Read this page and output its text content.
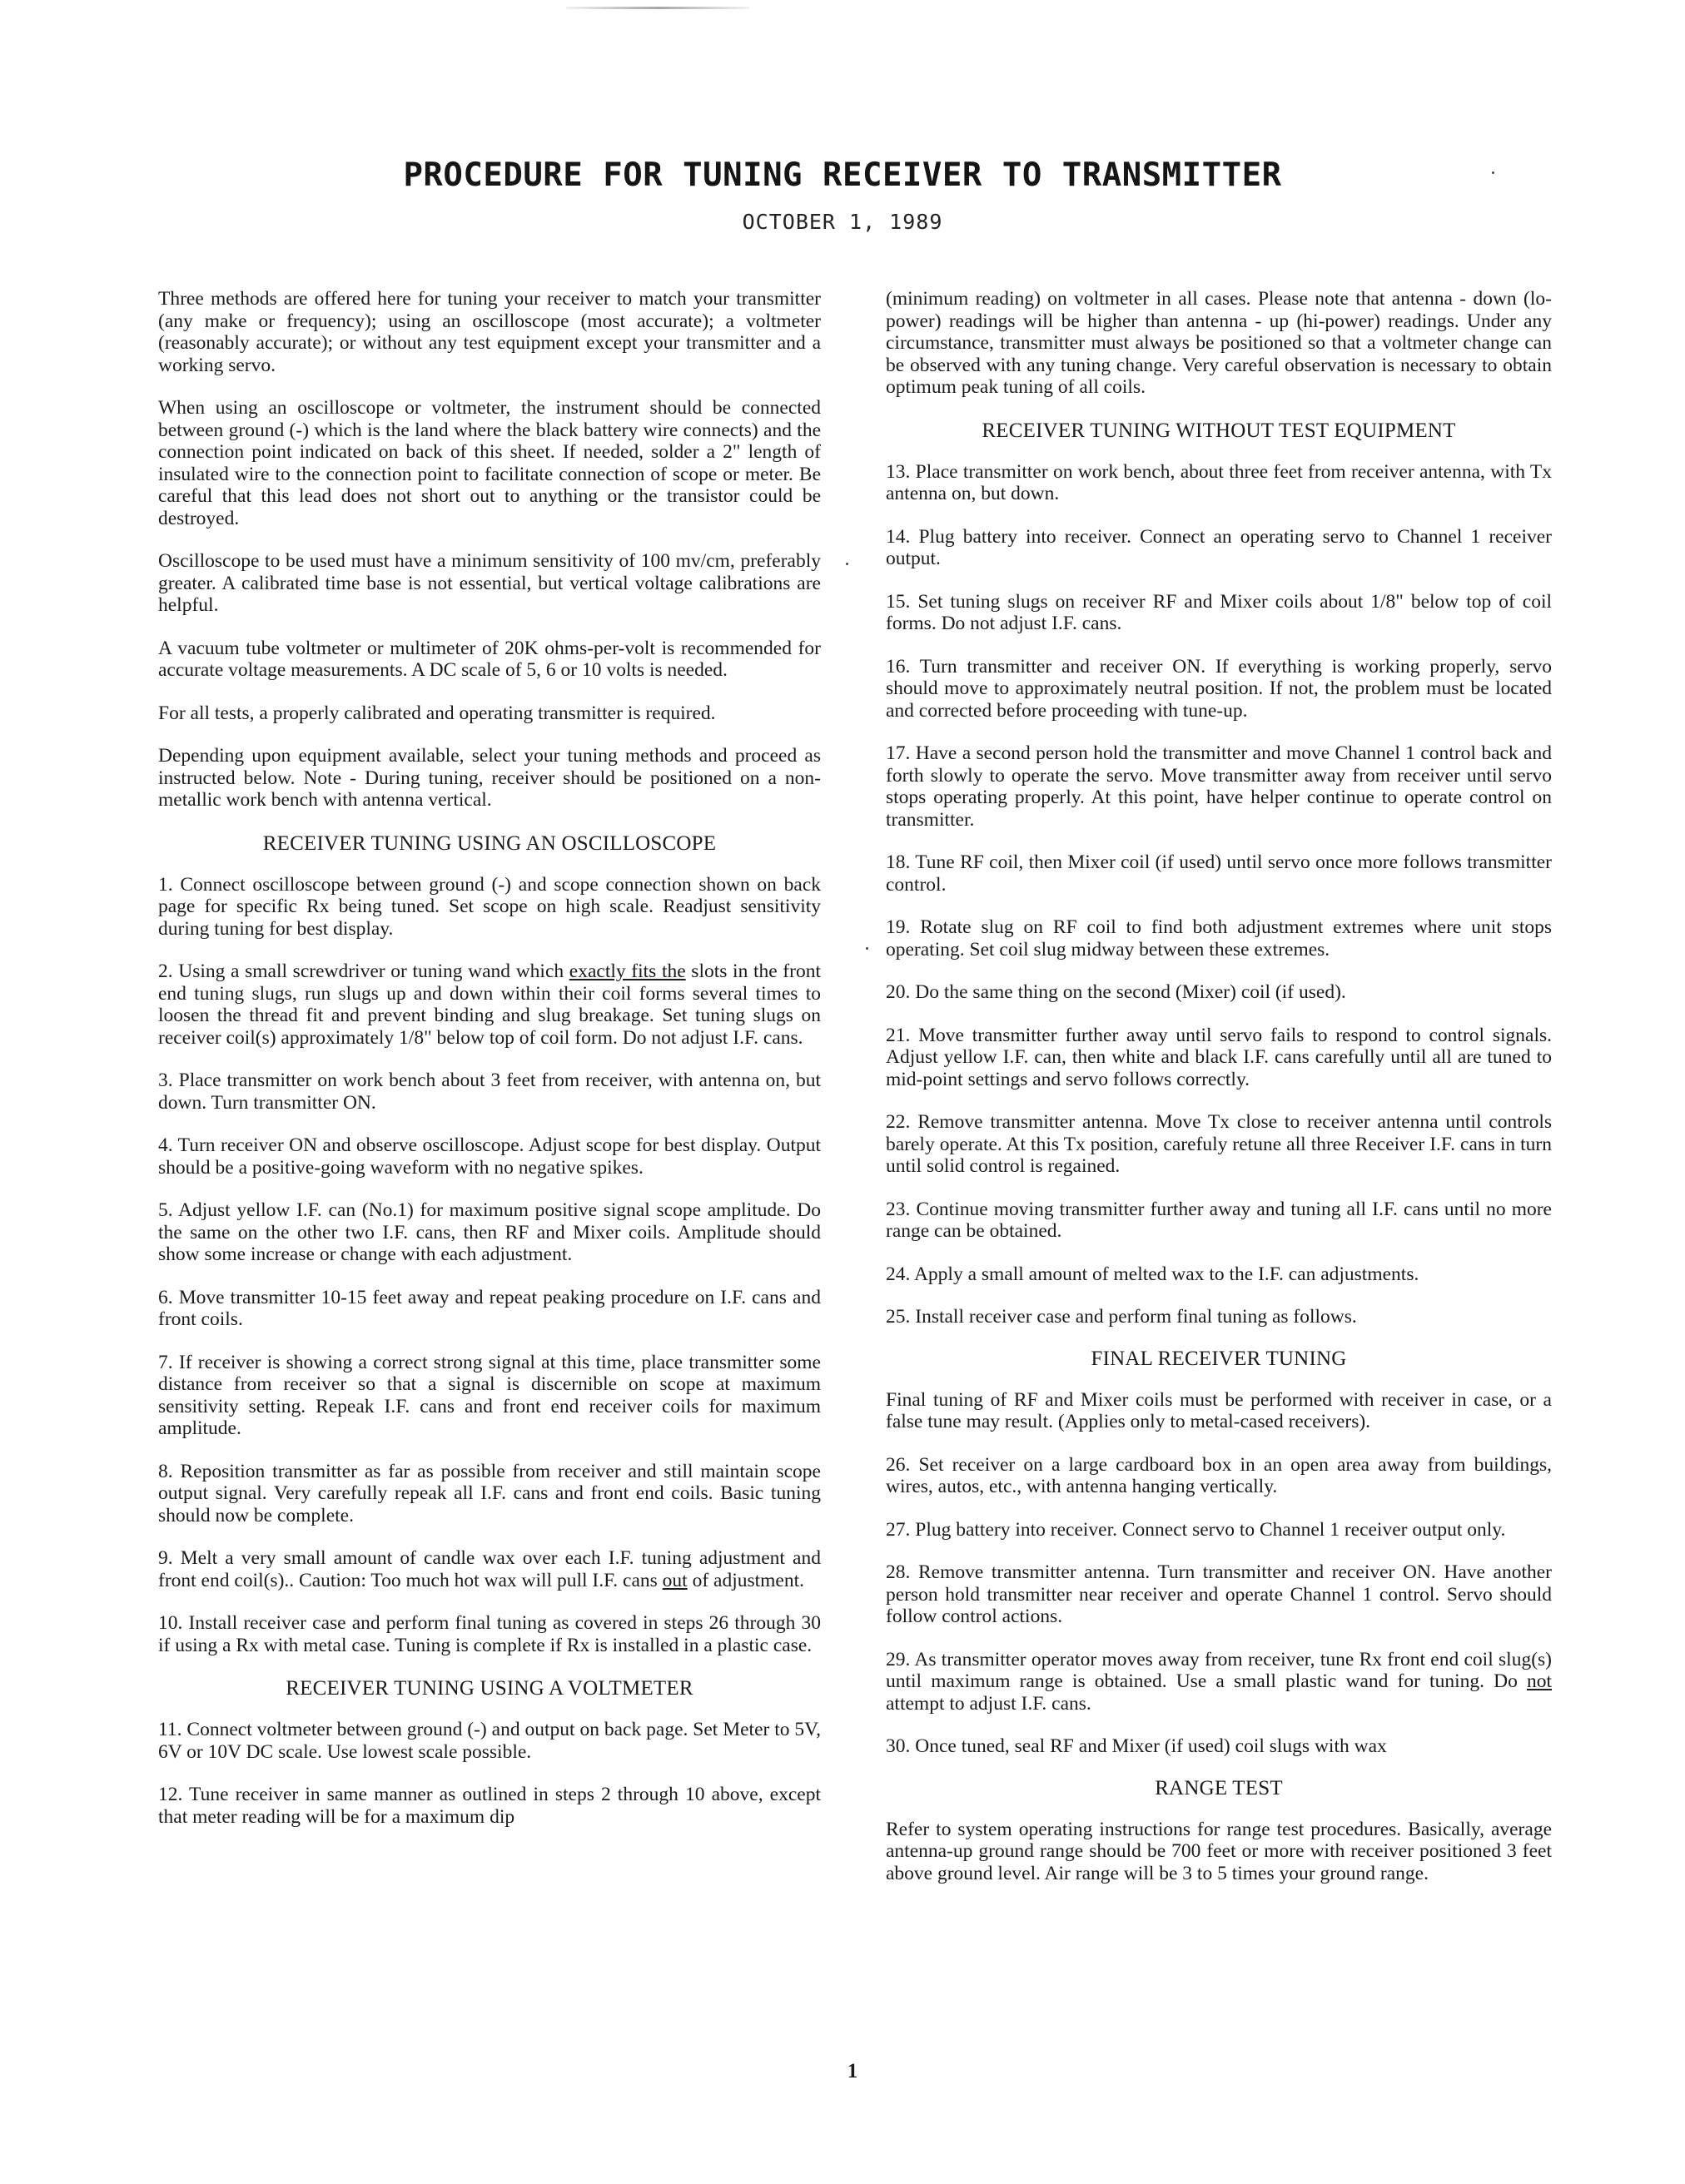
PROCEDURE FOR TUNING RECEIVER TO TRANSMITTER
OCTOBER 1, 1989

Three methods are offered here for tuning your receiver to match your transmitter (any make or frequency); using an oscilloscope (most accurate); a voltmeter (reasonably accurate); or without any test equipment except your transmitter and a working servo.

When using an oscilloscope or voltmeter, the instrument should be connected between ground (-) which is the land where the black battery wire connects) and the connection point indicated on back of this sheet. If needed, solder a 2" length of insulated wire to the connection point to facilitate connection of scope or meter. Be careful that this lead does not short out to anything or the transistor could be destroyed.

Oscilloscope to be used must have a minimum sensitivity of 100 mv/cm, preferably greater. A calibrated time base is not essential, but vertical voltage calibrations are helpful.

A vacuum tube voltmeter or multimeter of 20K ohms-per-volt is recommended for accurate voltage measurements. A DC scale of 5, 6 or 10 volts is needed.

For all tests, a properly calibrated and operating transmitter is required.

Depending upon equipment available, select your tuning methods and proceed as instructed below. Note - During tuning, receiver should be positioned on a non-metallic work bench with antenna vertical.

RECEIVER TUNING USING AN OSCILLOSCOPE

1. Connect oscilloscope between ground (-) and scope connection shown on back page for specific Rx being tuned. Set scope on high scale. Readjust sensitivity during tuning for best display.

2. Using a small screwdriver or tuning wand which exactly fits the slots in the front end tuning slugs, run slugs up and down within their coil forms several times to loosen the thread fit and prevent binding and slug breakage. Set tuning slugs on receiver coil(s) approximately 1/8" below top of coil form. Do not adjust I.F. cans.

3. Place transmitter on work bench about 3 feet from receiver, with antenna on, but down. Turn transmitter ON.

4. Turn receiver ON and observe oscilloscope. Adjust scope for best display. Output should be a positive-going waveform with no negative spikes.

5. Adjust yellow I.F. can (No.1) for maximum positive signal scope amplitude. Do the same on the other two I.F. cans, then RF and Mixer coils. Amplitude should show some increase or change with each adjustment.

6. Move transmitter 10-15 feet away and repeat peaking procedure on I.F. cans and front coils.

7. If receiver is showing a correct strong signal at this time, place transmitter some distance from receiver so that a signal is discernible on scope at maximum sensitivity setting. Repeak I.F. cans and front end receiver coils for maximum amplitude.

8. Reposition transmitter as far as possible from receiver and still maintain scope output signal. Very carefully repeak all I.F. cans and front end coils. Basic tuning should now be complete.

9. Melt a very small amount of candle wax over each I.F. tuning adjustment and front end coil(s).. Caution: Too much hot wax will pull I.F. cans out of adjustment.

10. Install receiver case and perform final tuning as covered in steps 26 through 30 if using a Rx with metal case. Tuning is complete if Rx is installed in a plastic case.

RECEIVER TUNING USING A VOLTMETER

11. Connect voltmeter between ground (-) and output on back page. Set Meter to 5V, 6V or 10V DC scale. Use lowest scale possible.

12. Tune receiver in same manner as outlined in steps 2 through 10 above, except that meter reading will be for a maximum dip

(minimum reading) on voltmeter in all cases. Please note that antenna - down (lo-power) readings will be higher than antenna - up (hi-power) readings. Under any circumstance, transmitter must always be positioned so that a voltmeter change can be observed with any tuning change. Very careful observation is necessary to obtain optimum peak tuning of all coils.

RECEIVER TUNING WITHOUT TEST EQUIPMENT

13. Place transmitter on work bench, about three feet from receiver antenna, with Tx antenna on, but down.

14. Plug battery into receiver. Connect an operating servo to Channel 1 receiver output.

15. Set tuning slugs on receiver RF and Mixer coils about 1/8" below top of coil forms. Do not adjust I.F. cans.

16. Turn transmitter and receiver ON. If everything is working properly, servo should move to approximately neutral position. If not, the problem must be located and corrected before proceeding with tune-up.

17. Have a second person hold the transmitter and move Channel 1 control back and forth slowly to operate the servo. Move transmitter away from receiver until servo stops operating properly. At this point, have helper continue to operate control on transmitter.

18. Tune RF coil, then Mixer coil (if used) until servo once more follows transmitter control.

19. Rotate slug on RF coil to find both adjustment extremes where unit stops operating. Set coil slug midway between these extremes.

20. Do the same thing on the second (Mixer) coil (if used).

21. Move transmitter further away until servo fails to respond to control signals. Adjust yellow I.F. can, then white and black I.F. cans carefully until all are tuned to mid-point settings and servo follows correctly.

22. Remove transmitter antenna. Move Tx close to receiver antenna until controls barely operate. At this Tx position, carefuly retune all three Receiver I.F. cans in turn until solid control is regained.

23. Continue moving transmitter further away and tuning all I.F. cans until no more range can be obtained.

24. Apply a small amount of melted wax to the I.F. can adjustments.

25. Install receiver case and perform final tuning as follows.

FINAL RECEIVER TUNING

Final tuning of RF and Mixer coils must be performed with receiver in case, or a false tune may result. (Applies only to metal-cased receivers).

26. Set receiver on a large cardboard box in an open area away from buildings, wires, autos, etc., with antenna hanging vertically.

27. Plug battery into receiver. Connect servo to Channel 1 receiver output only.

28. Remove transmitter antenna. Turn transmitter and receiver ON. Have another person hold transmitter near receiver and operate Channel 1 control. Servo should follow control actions.

29. As transmitter operator moves away from receiver, tune Rx front end coil slug(s) until maximum range is obtained. Use a small plastic wand for tuning. Do not attempt to adjust I.F. cans.

30. Once tuned, seal RF and Mixer (if used) coil slugs with wax

RANGE TEST

Refer to system operating instructions for range test procedures. Basically, average antenna-up ground range should be 700 feet or more with receiver positioned 3 feet above ground level. Air range will be 3 to 5 times your ground range.

1
